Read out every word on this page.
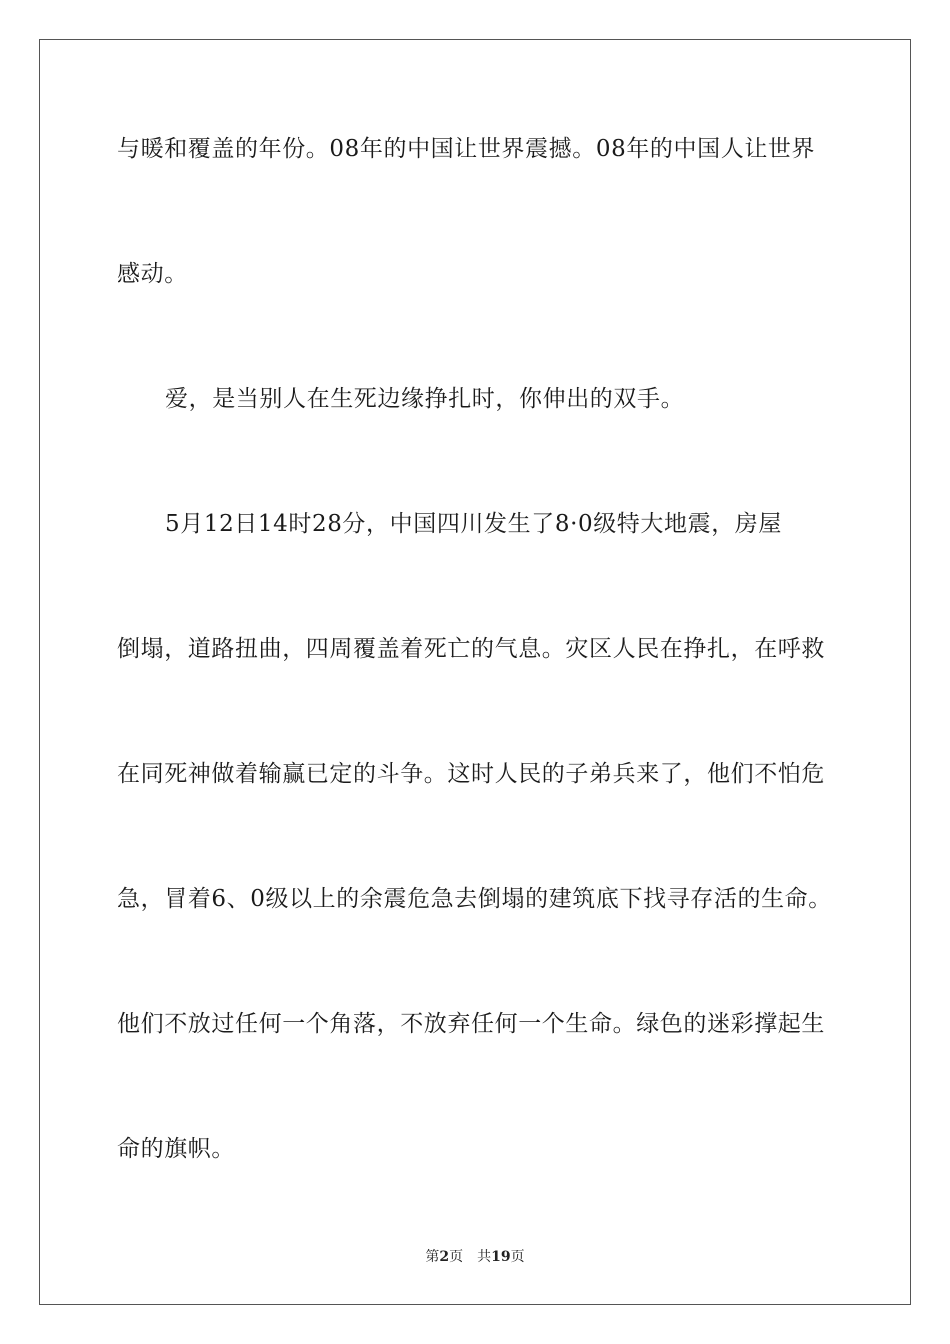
与暖和覆盖的年份。08年的中国让世界震撼。08年的中国人让世界
感动。
爱，是当别人在生死边缘挣扎时，你伸出的双手。
5月12日14时28分，中国四川发生了8·0级特大地震，房屋
倒塌，道路扭曲，四周覆盖着死亡的气息。灾区人民在挣扎，在呼救
在同死神做着输赢已定的斗争。这时人民的子弟兵来了，他们不怕危
急，冒着6、0级以上的余震危急去倒塌的建筑底下找寻存活的生命。
他们不放过任何一个角落，不放弃任何一个生命。绿色的迷彩撑起生
命的旗帜。
第2页 共19页
